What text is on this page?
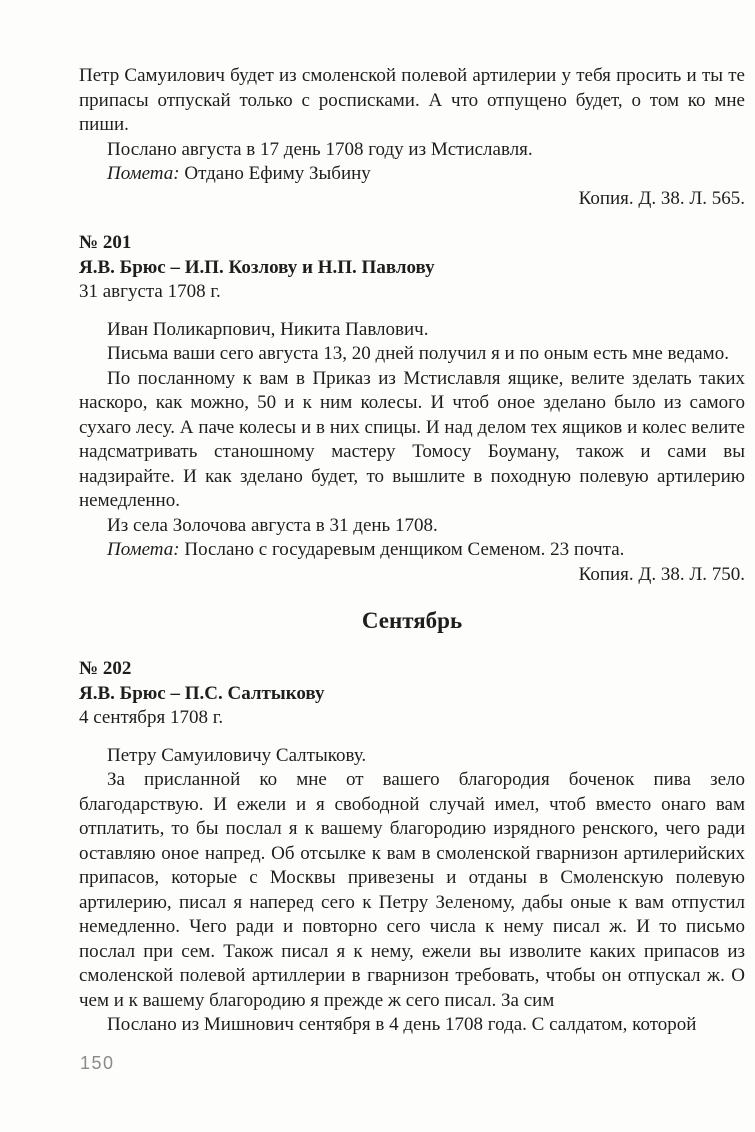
Петр Самуилович будет из смоленской полевой артилерии у тебя просить и ты те припасы отпускай только с росписками. А что отпущено будет, о том ко мне пиши.

Послано августа в 17 день 1708 году из Мстиславля.

Помета: Отдано Ефиму Зыбину

Копия. Д. 38. Л. 565.

№ 201

Я.В. Брюс – И.П. Козлову и Н.П. Павлову

31 августа 1708 г.

Иван Поликарпович, Никита Павлович.

Письма ваши сего августа 13, 20 дней получил я и по оным есть мне ведамо.

По посланному к вам в Приказ из Мстиславля ящике, велите зделать таких наскоро, как можно, 50 и к ним колесы. И чтоб оное зделано было из самого сухаго лесу. А паче колесы и в них спицы. И над делом тех ящиков и колес велите надсматривать станошному мастеру Томосу Боуману, також и сами вы надзирайте. И как зделано будет, то вышлите в походную полевую артилерию немедленно.

Из села Золочова августа в 31 день 1708.

Помета: Послано с государевым денщиком Семеном. 23 почта.

Копия. Д. 38. Л. 750.

Сентябрь

№ 202

Я.В. Брюс – П.С. Салтыкову

4 сентября 1708 г.

Петру Самуиловичу Салтыкову.

За присланной ко мне от вашего благородия боченок пива зело благодарствую. И ежели и я свободной случай имел, чтоб вместо онаго вам отплатить, то бы послал я к вашему благородию изрядного ренского, чего ради оставляю оное напред. Об отсылке к вам в смоленской гварнизон артилерийских припасов, которые с Москвы привезены и отданы в Смоленскую полевую артилерию, писал я наперед сего к Петру Зеленому, дабы оные к вам отпустил немедленно. Чего ради и повторно сего числа к нему писал ж. И то письмо послал при сем. Також писал я к нему, ежели вы изволите каких припасов из смоленской полевой артиллерии в гварнизон требовать, чтобы он отпускал ж. О чем и к вашему благородию я прежде ж сего писал. За сим

Послано из Мишнович сентября в 4 день 1708 года. С салдатом, которой

150
